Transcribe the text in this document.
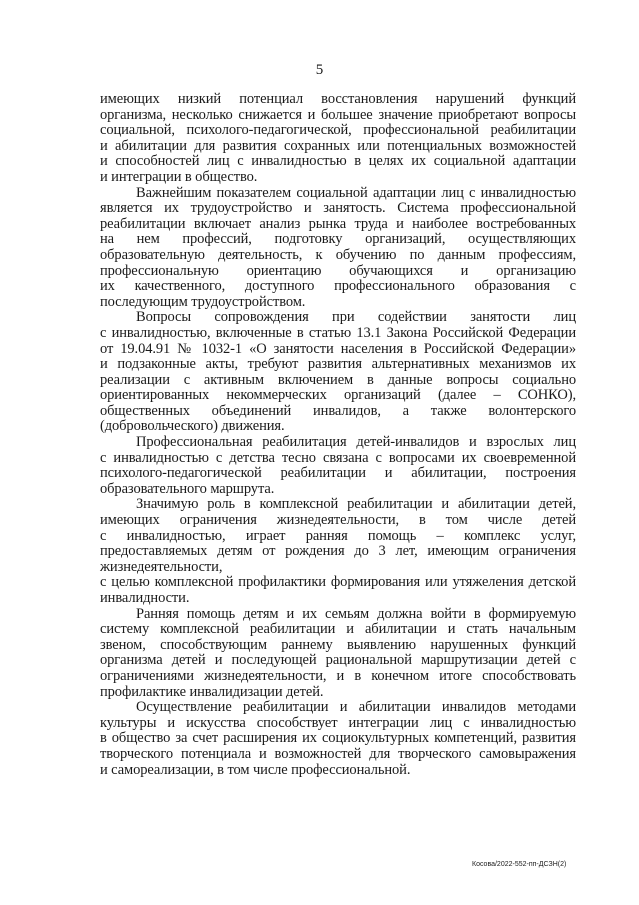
5
имеющих низкий потенциал восстановления нарушений функций
организма, несколько снижается и большее значение приобретают вопросы
социальной, психолого-педагогической, профессиональной реабилитации
и абилитации для развития сохранных или потенциальных возможностей
и способностей лиц с инвалидностью в целях их социальной адаптации
и интеграции в общество.
Важнейшим показателем социальной адаптации лиц с инвалидностью
является их трудоустройство и занятость. Система профессиональной
реабилитации включает анализ рынка труда и наиболее востребованных
на нем профессий, подготовку организаций, осуществляющих
образовательную деятельность, к обучению по данным профессиям,
профессиональную ориентацию обучающихся и организацию
их качественного, доступного профессионального образования с
последующим трудоустройством.
Вопросы сопровождения при содействии занятости лиц
с инвалидностью, включенные в статью 13.1 Закона Российской Федерации
от 19.04.91 № 1032-1 «О занятости населения в Российской Федерации»
и подзаконные акты, требуют развития альтернативных механизмов их
реализации с активным включением в данные вопросы социально
ориентированных некоммерческих организаций (далее – СОНКО),
общественных объединений инвалидов, а также волонтерского
(добровольческого) движения.
Профессиональная реабилитация детей-инвалидов и взрослых лиц
с инвалидностью с детства тесно связана с вопросами их своевременной
психолого-педагогической реабилитации и абилитации, построения
образовательного маршрута.
Значимую роль в комплексной реабилитации и абилитации детей,
имеющих ограничения жизнедеятельности, в том числе детей
с инвалидностью, играет ранняя помощь – комплекс услуг,
предоставляемых детям от рождения до 3 лет, имеющим ограничения
жизнедеятельности,
с целью комплексной профилактики формирования или утяжеления детской
инвалидности.
Ранняя помощь детям и их семьям должна войти в формируемую
систему комплексной реабилитации и абилитации и стать начальным
звеном, способствующим раннему выявлению нарушенных функций
организма детей и последующей рациональной маршрутизации детей с
ограничениями жизнедеятельности, и в конечном итоге способствовать
профилактике инвалидизации детей.
Осуществление реабилитации и абилитации инвалидов методами
культуры и искусства способствует интеграции лиц с инвалидностью
в общество за счет расширения их социокультурных компетенций, развития
творческого потенциала и возможностей для творческого самовыражения
и самореализации, в том числе профессиональной.
Косова/2022-552-пп-ДСЗН(2)
